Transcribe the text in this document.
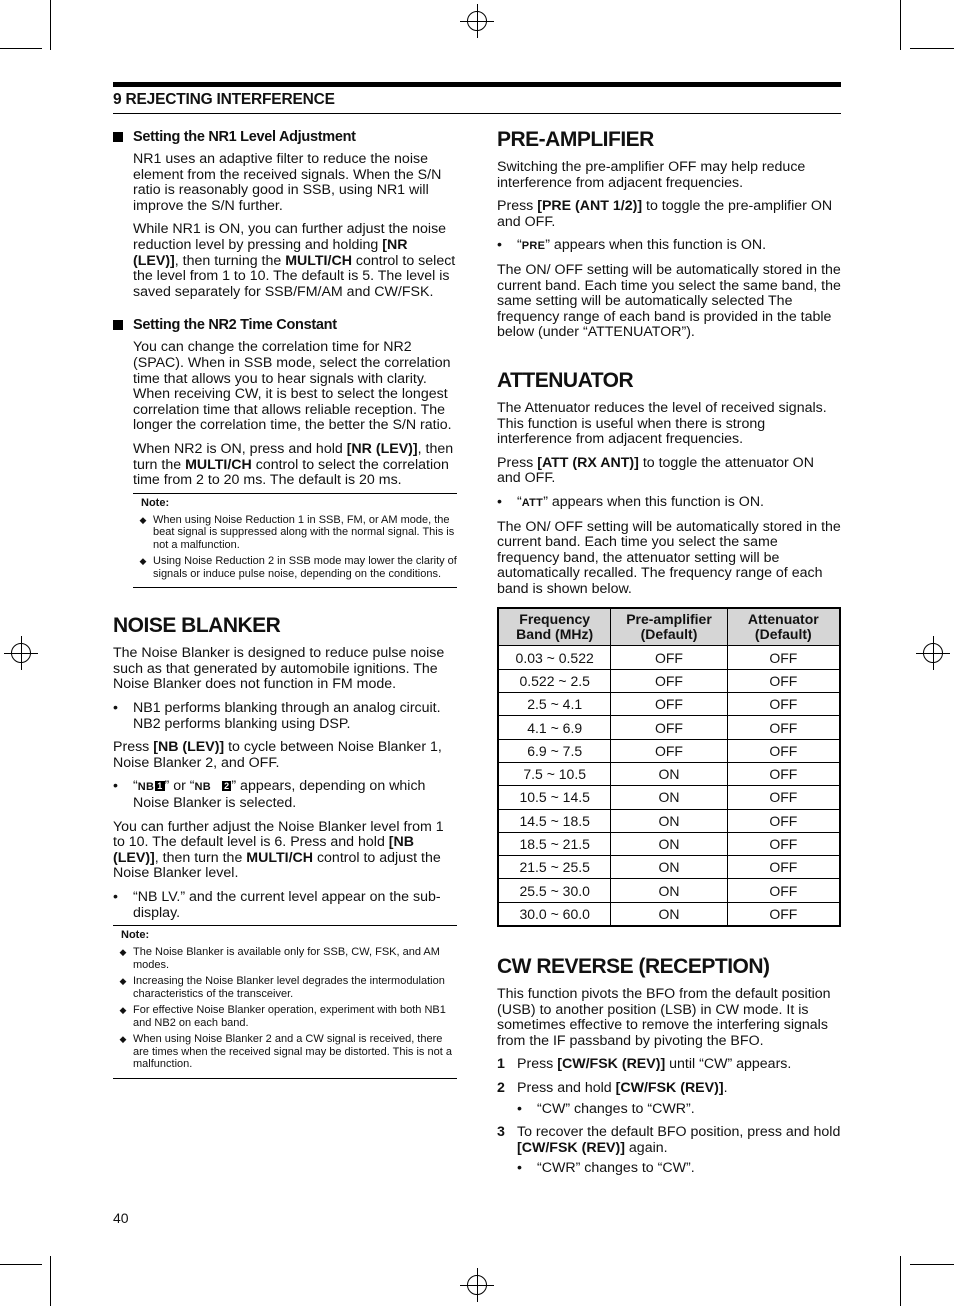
9 REJECTING INTERFERENCE
Setting the NR1 Level Adjustment

NR1 uses an adaptive filter to reduce the noise element from the received signals. When the S/N ratio is reasonably good in SSB, using NR1 will improve the S/N further.

While NR1 is ON, you can further adjust the noise reduction level by pressing and holding [NR (LEV)], then turning the MULTI/CH control to select the level from 1 to 10. The default is 5. The level is saved separately for SSB/FM/AM and CW/FSK.

Setting the NR2 Time Constant

You can change the correlation time for NR2 (SPAC). When in SSB mode, select the correlation time that allows you to hear signals with clarity. When receiving CW, it is best to select the longest correlation time that allows reliable reception. The longer the correlation time, the better the S/N ratio.

When NR2 is ON, press and hold [NR (LEV)], then turn the MULTI/CH control to select the correlation time from 2 to 20 ms. The default is 20 ms.

Note:
◆ When using Noise Reduction 1 in SSB, FM, or AM mode, the beat signal is suppressed along with the normal signal. This is not a malfunction.
◆ Using Noise Reduction 2 in SSB mode may lower the clarity of signals or induce pulse noise, depending on the conditions.
NOISE BLANKER

The Noise Blanker is designed to reduce pulse noise such as that generated by automobile ignitions. The Noise Blanker does not function in FM mode.

•	NB1 performs blanking through an analog circuit. NB2 performs blanking using DSP.

Press [NB (LEV)] to cycle between Noise Blanker 1, Noise Blanker 2, and OFF.

•	“NB 1 ” or “NB 2 ” appears, depending on which Noise Blanker is selected.

You can further adjust the Noise Blanker level from 1 to 10. The default level is 6. Press and hold [NB (LEV)], then turn the MULTI/CH control to adjust the Noise Blanker level.

•	“NB LV.” and the current level appear on the sub-display.
Note:
◆ The Noise Blanker is available only for SSB, CW, FSK, and AM modes.
◆ Increasing the Noise Blanker level degrades the intermodulation characteristics of the transceiver.
◆ For effective Noise Blanker operation, experiment with both NB1 and NB2 on each band.
◆ When using Noise Blanker 2 and a CW signal is received, there are times when the received signal may be distorted. This is not a malfunction.
PRE-AMPLIFIER

Switching the pre-amplifier OFF may help reduce interference from adjacent frequencies.

Press [PRE (ANT 1/2)] to toggle the pre-amplifier ON and OFF.

•	“PRE” appears when this function is ON.

The ON/ OFF setting will be automatically stored in the current band. Each time you select the same band, the same setting will be automatically selected The frequency range of each band is provided in the table below (under “ATTENUATOR”).

ATTENUATOR

The Attenuator reduces the level of received signals. This function is useful when there is strong interference from adjacent frequencies.

Press [ATT (RX ANT)] to toggle the attenuator ON and OFF.

•	“ATT” appears when this function is ON.

The ON/ OFF setting will be automatically stored in the current band. Each time you select the same frequency band, the attenuator setting will be automatically recalled. The frequency range of each band is shown below.

Frequency Band (MHz)	Pre-amplifier (Default)	Attenuator (Default)
0.03 ~ 0.522	OFF	OFF
0.522 ~ 2.5	OFF	OFF
2.5 ~ 4.1	OFF	OFF
4.1 ~ 6.9	OFF	OFF
6.9 ~ 7.5	OFF	OFF
7.5 ~ 10.5	ON	OFF
10.5 ~ 14.5	ON	OFF
14.5 ~ 18.5	ON	OFF
18.5 ~ 21.5	ON	OFF
21.5 ~ 25.5	ON	OFF
25.5 ~ 30.0	ON	OFF
30.0 ~ 60.0	ON	OFF
CW REVERSE (RECEPTION)

This function pivots the BFO from the default position (USB) to another position (LSB) in CW mode. It is sometimes effective to remove the interfering signals from the IF passband by pivoting the BFO.

1 Press [CW/FSK (REV)] until “CW” appears.
2 Press and hold [CW/FSK (REV)].
•	“CW” changes to “CWR”.
3 To recover the default BFO position, press and hold [CW/FSK (REV)] again.
•	“CWR” changes to “CW”.
40
